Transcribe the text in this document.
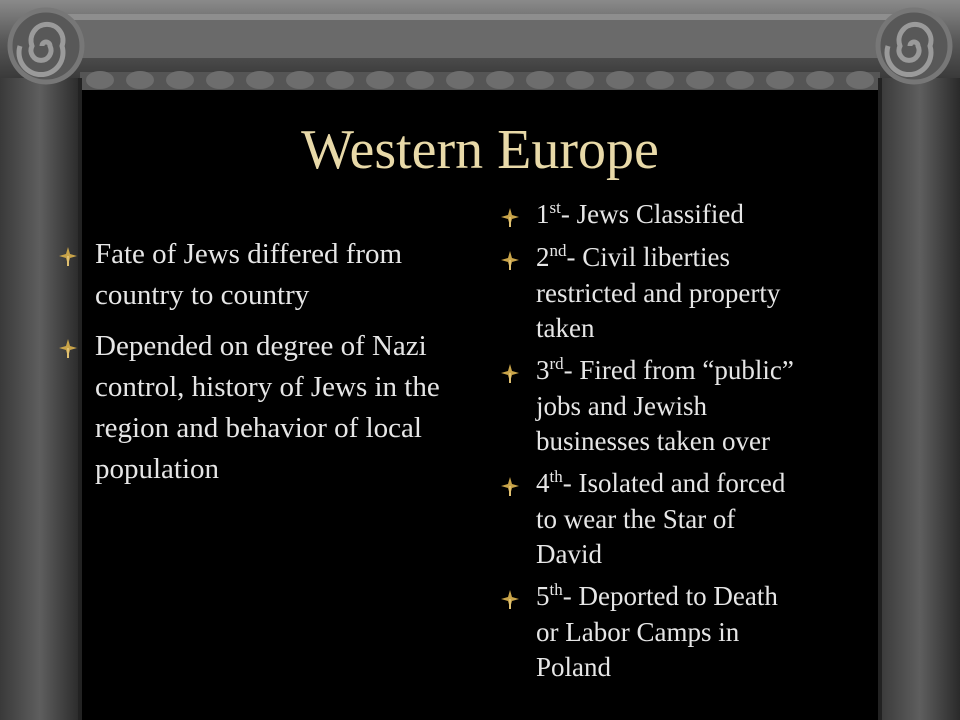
Western Europe
Fate of Jews differed from country to country
Depended on degree of Nazi control, history of Jews in the region and behavior of local population
1st- Jews Classified
2nd- Civil liberties
restricted and property
taken
3rd- Fired from “public”
jobs and Jewish
businesses taken over
4th- Isolated and forced
to wear the Star of
David
5th- Deported to Death
or Labor Camps in
Poland
